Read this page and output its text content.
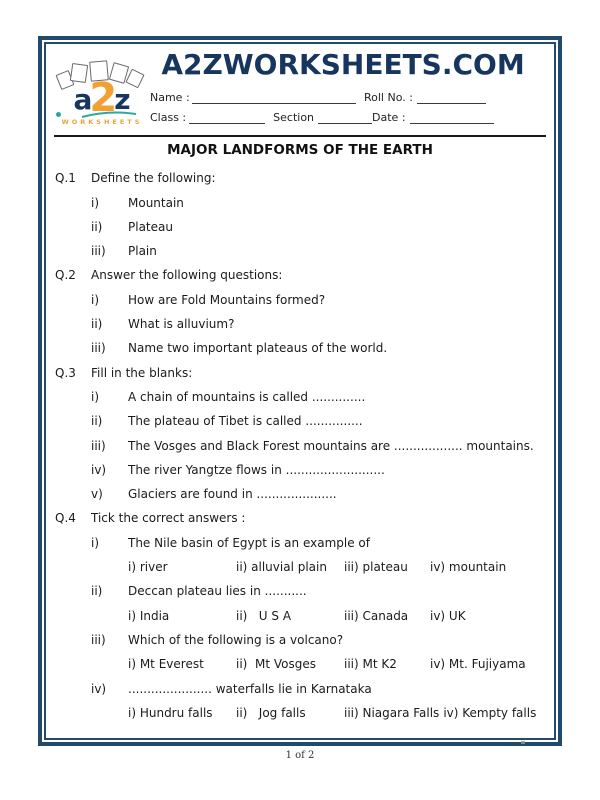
a
2
z
WORKSHEETS
A2ZWORKSHEETS.COM
Name :	Roll No. :
Class :	Section	Date :
MAJOR LANDFORMS OF THE EARTH
Q.1	Define the following:
i)	Mountain
ii)	Plateau
iii)	Plain
Q.2	Answer the following questions:
i)	How are Fold Mountains formed?
ii)	What is alluvium?
iii)	Name two important plateaus of the world.
Q.3	Fill in the blanks:
i)	A chain of mountains is called ..............
ii)	The plateau of Tibet is called ...............
iii)	The Vosges and Black Forest mountains are .................. mountains.
iv)	The river Yangtze flows in ..........................
v)	Glaciers are found in .....................
Q.4	Tick the correct answers :
i)	The Nile basin of Egypt is an example of
i) river	ii) alluvial plain	iii) plateau	iv) mountain
ii)	Deccan plateau lies in ...........
i) India	ii)   U S A	iii) Canada	iv) UK
iii)	Which of the following is a volcano?
i) Mt Everest	ii)  Mt Vosges	iii) Mt K2	iv) Mt. Fujiyama
iv)	...................... waterfalls lie in Karnataka
i) Hundru falls	ii)   Jog falls	iii) Niagara Falls iv) Kempty falls
1 of 2
